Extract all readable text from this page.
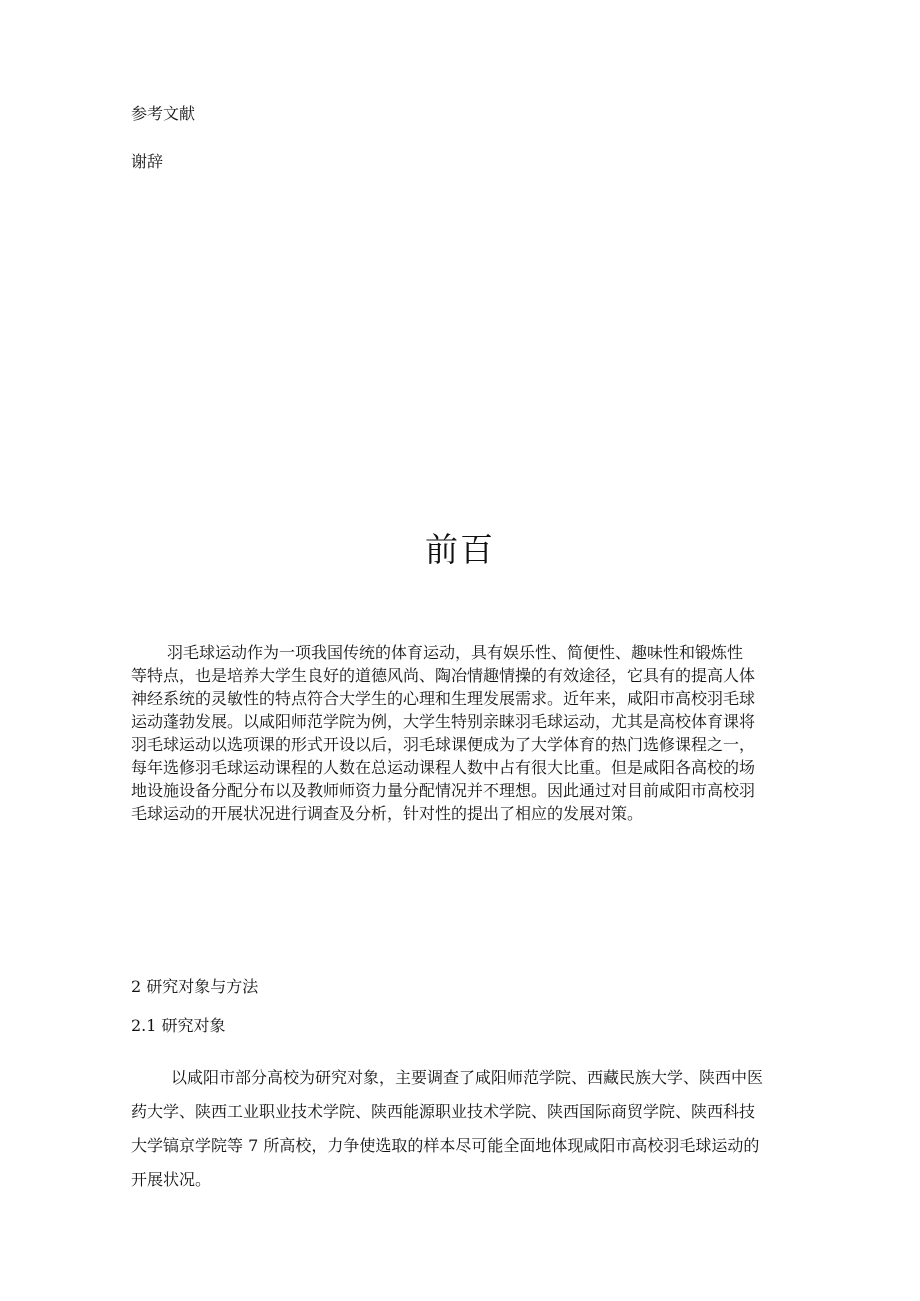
参考文献
谢辞
前百

羽毛球运动作为一项我国传统的体育运动，具有娱乐性、简便性、趣味性和锻炼性
等特点，也是培养大学生良好的道德风尚、陶冶情趣情操的有效途径，它具有的提高人体
神经系统的灵敏性的特点符合大学生的心理和生理发展需求。近年来，咸阳市高校羽毛球
运动蓬勃发展。以咸阳师范学院为例，大学生特别亲睐羽毛球运动，尤其是高校体育课将
羽毛球运动以选项课的形式开设以后，羽毛球课便成为了大学体育的热门选修课程之一，
每年选修羽毛球运动课程的人数在总运动课程人数中占有很大比重。但是咸阳各高校的场
地设施设备分配分布以及教师师资力量分配情况并不理想。因此通过对目前咸阳市高校羽
毛球运动的开展状况进行调查及分析，针对性的提出了相应的发展对策。

2 研究对象与方法
2.1 研究对象

以咸阳市部分高校为研究对象，主要调查了咸阳师范学院、西藏民族大学、陕西中医
药大学、陕西工业职业技术学院、陕西能源职业技术学院、陕西国际商贸学院、陕西科技
大学镐京学院等 7 所高校，力争使选取的样本尽可能全面地体现咸阳市高校羽毛球运动的
开展状况。
